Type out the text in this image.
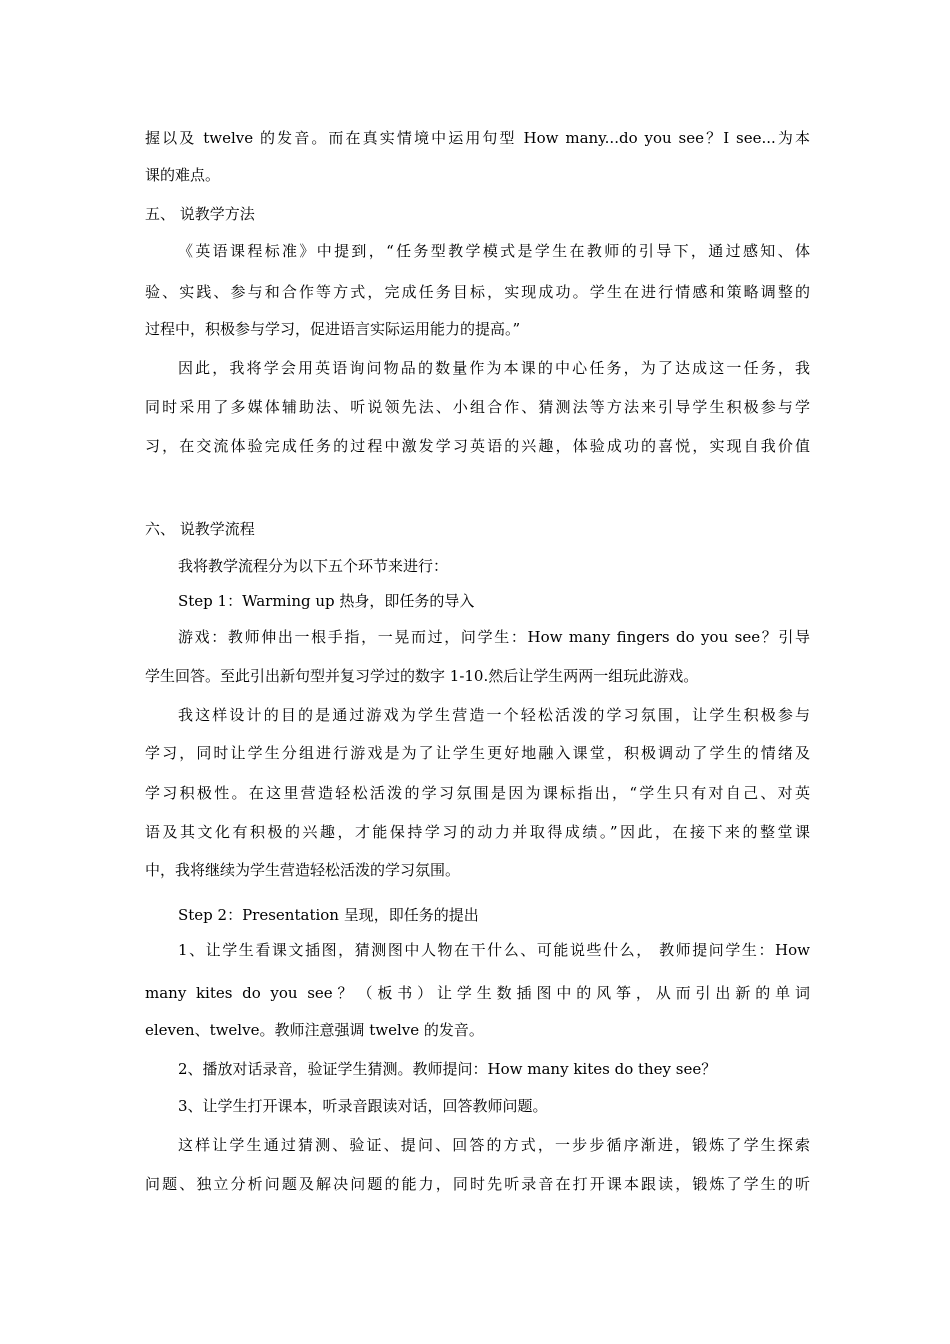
握以及 twelve 的发音。而在真实情境中运用句型 How many...do you see？I see...为本
课的难点。
五、 说教学方法
《英语课程标准》中提到，“任务型教学模式是学生在教师的引导下，通过感知、体
验、实践、参与和合作等方式，完成任务目标，实现成功。学生在进行情感和策略调整的
过程中，积极参与学习，促进语言实际运用能力的提高。”
因此，我将学会用英语询问物品的数量作为本课的中心任务，为了达成这一任务，我
同时采用了多媒体辅助法、听说领先法、小组合作、猜测法等方法来引导学生积极参与学
习，在交流体验完成任务的过程中激发学习英语的兴趣，体验成功的喜悦，实现自我价值
六、 说教学流程
我将教学流程分为以下五个环节来进行：
Step 1：Warming up 热身，即任务的导入
游戏：教师伸出一根手指，一晃而过，问学生：How many fingers do you see？引导
学生回答。至此引出新句型并复习学过的数字 1-10.然后让学生两两一组玩此游戏。
我这样设计的目的是通过游戏为学生营造一个轻松活泼的学习氛围，让学生积极参与
学习，同时让学生分组进行游戏是为了让学生更好地融入课堂，积极调动了学生的情绪及
学习积极性。在这里营造轻松活泼的学习氛围是因为课标指出，“学生只有对自己、对英
语及其文化有积极的兴趣，才能保持学习的动力并取得成绩。”因此，在接下来的整堂课
中，我将继续为学生营造轻松活泼的学习氛围。
Step 2：Presentation 呈现，即任务的提出
1、让学生看课文插图，猜测图中人物在干什么、可能说些什么， 教师提问学生：How
many kites do you see？（板书）让学生数插图中的风筝，从而引出新的单词
eleven、twelve。教师注意强调 twelve 的发音。
2、播放对话录音，验证学生猜测。教师提问：How many kites do they see？
3、让学生打开课本，听录音跟读对话，回答教师问题。
这样让学生通过猜测、验证、提问、回答的方式，一步步循序渐进，锻炼了学生探索
问题、独立分析问题及解决问题的能力，同时先听录音在打开课本跟读，锻炼了学生的听
